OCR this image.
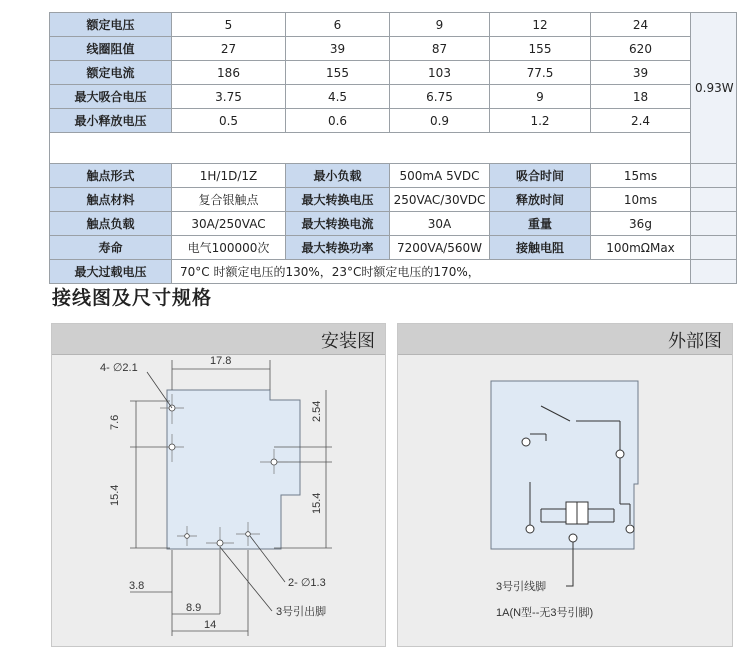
额定电压	5	6	9	12	24	0.93W
线圈阻值	27	39	87	155	620	
额定电流	186	155	103	77.5	39	
最大吸合电压	3.75	4.5	6.75	9	18	
最小释放电压	0.5	0.6	0.9	1.2	2.4	

触点形式	1H/1D/1Z	最小负载	500mA 5VDC	吸合时间	15ms	
触点材料	复合银触点	最大转换电压	250VAC/30VDC	释放时间	10ms	
触点负载	30A/250VAC	最大转换电流	30A	重量	36g	
寿命	电气100000次	最大转换功率	7200VA/560W	接触电阻	100mΩMax	
最大过载电压	70°C 时额定电压的130%，23°C时额定电压的170%，					
接线图及尺寸规格
安装图
4- ∅2.1
17.8
7.6
2.54
15.4	15.4
2- ∅1.3
3.8
8.9
14
3号引出脚
外部图
3号引线脚
1A(N型--无3号引脚)
